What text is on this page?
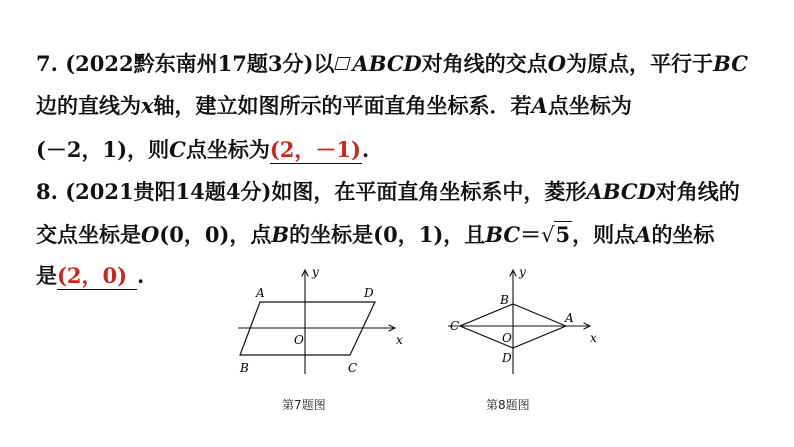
7. (2022黔东南州17题3分)以 ABCD对角线的交点O为原点，平行于BC
边的直线为x轴，建立如图所示的平面直角坐标系．若A点坐标为
(－2，1)，则C点坐标为(2，－1).
8. (2021贵阳14题4分)如图，在平面直角坐标系中，菱形ABCD对角线的
交点坐标是O(0，0)，点B的坐标是(0，1)，且BC＝√5，则点A的坐标
是(2，0) .
A	D
B	C
O	x
y
第7题图
A
B
C
D
O	x
y
第8题图
